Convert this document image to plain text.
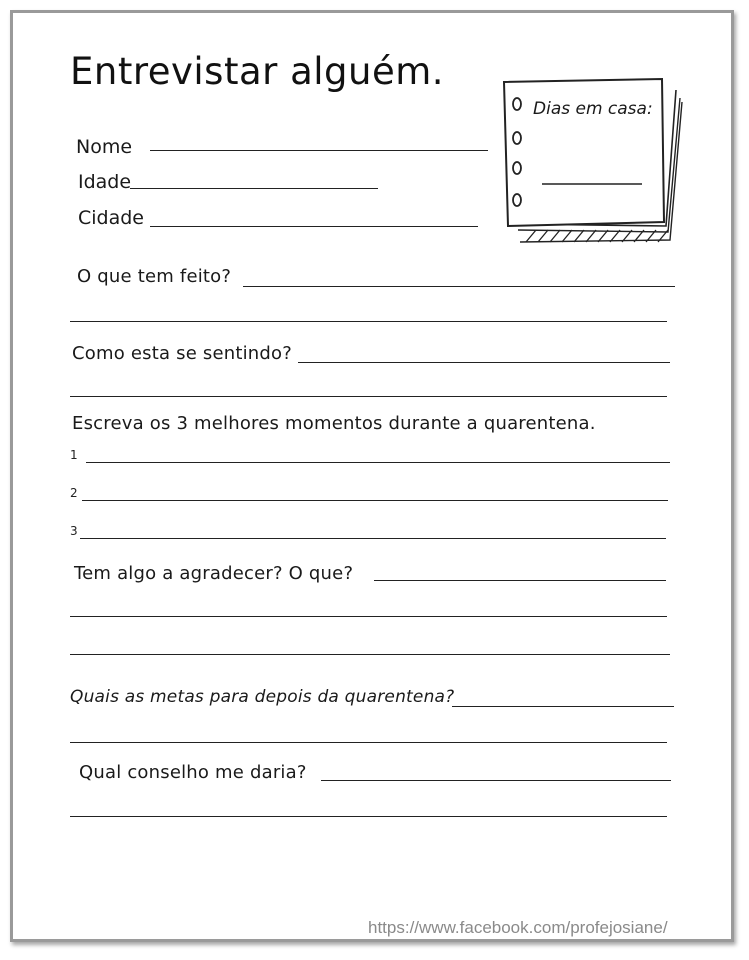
Entrevistar alguém.
Nome
Idade
Cidade
Dias em casa:
O que tem feito?
Como esta se sentindo?
Escreva os 3 melhores momentos durante a quarentena.
1
2
3
Tem algo a agradecer? O que?
Quais as metas para depois da quarentena?
Qual conselho me daria?
https://www.facebook.com/profejosiane/
